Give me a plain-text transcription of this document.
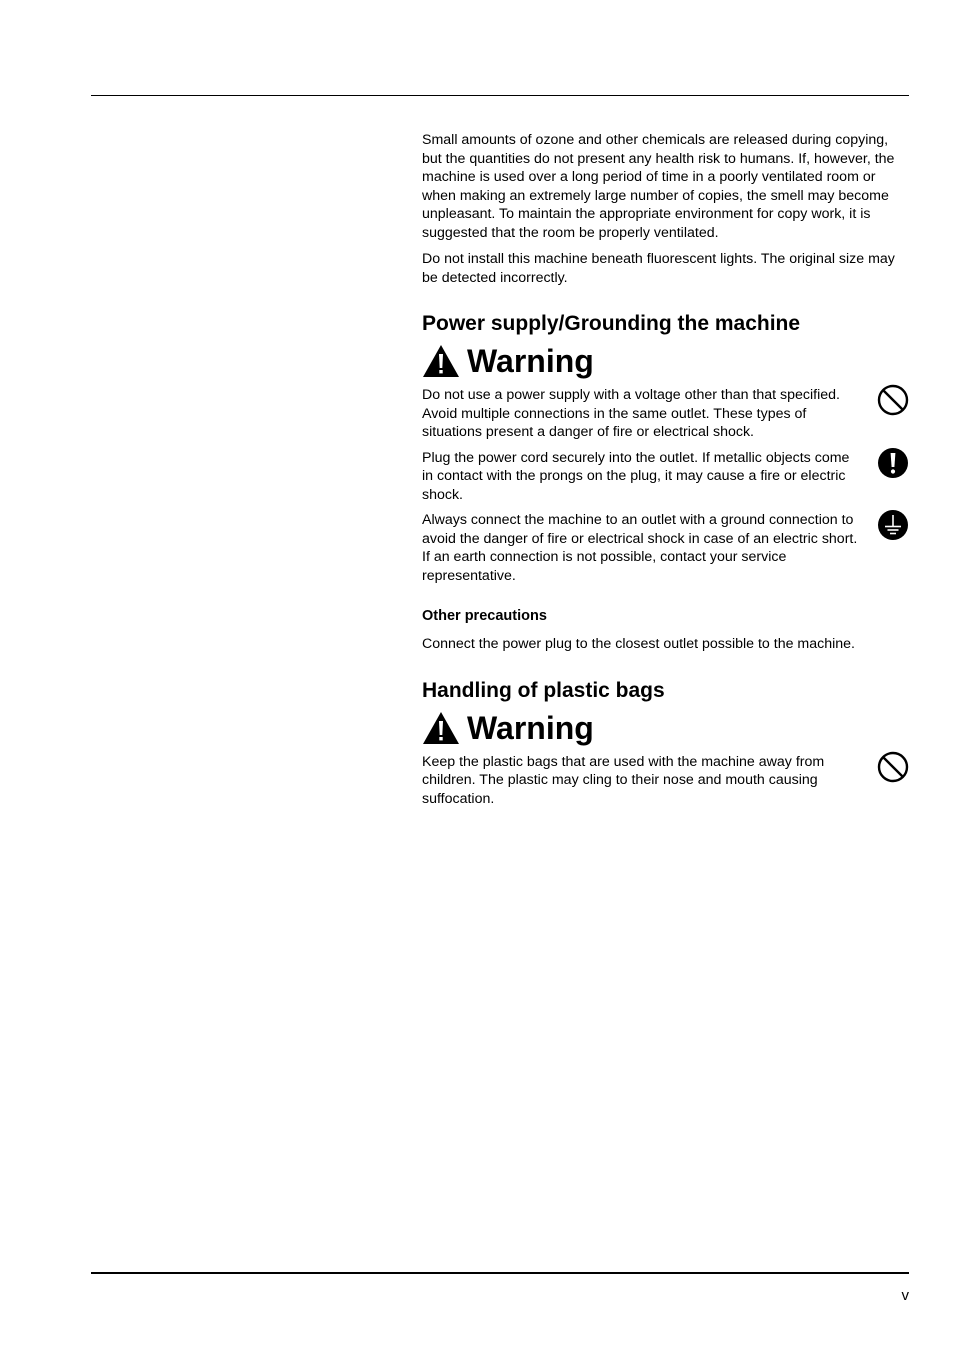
Small amounts of ozone and other chemicals are released during copying, but the quantities do not present any health risk to humans. If, however, the machine is used over a long period of time in a poorly ventilated room or when making an extremely large number of copies, the smell may become unpleasant. To maintain the appropriate environment for copy work, it is suggested that the room be properly ventilated.

Do not install this machine beneath fluorescent lights. The original size may be detected incorrectly.

Power supply/Grounding the machine
Warning

Do not use a power supply with a voltage other than that specified. Avoid multiple connections in the same outlet. These types of situations present a danger of fire or electrical shock.

Plug the power cord securely into the outlet. If metallic objects come in contact with the prongs on the plug, it may cause a fire or electric shock.

Always connect the machine to an outlet with a ground connection to avoid the danger of fire or electrical shock in case of an electric short. If an earth connection is not possible, contact your service representative.

Other precautions

Connect the power plug to the closest outlet possible to the machine.

Handling of plastic bags
Warning

Keep the plastic bags that are used with the machine away from children. The plastic may cling to their nose and mouth causing suffocation.

v
